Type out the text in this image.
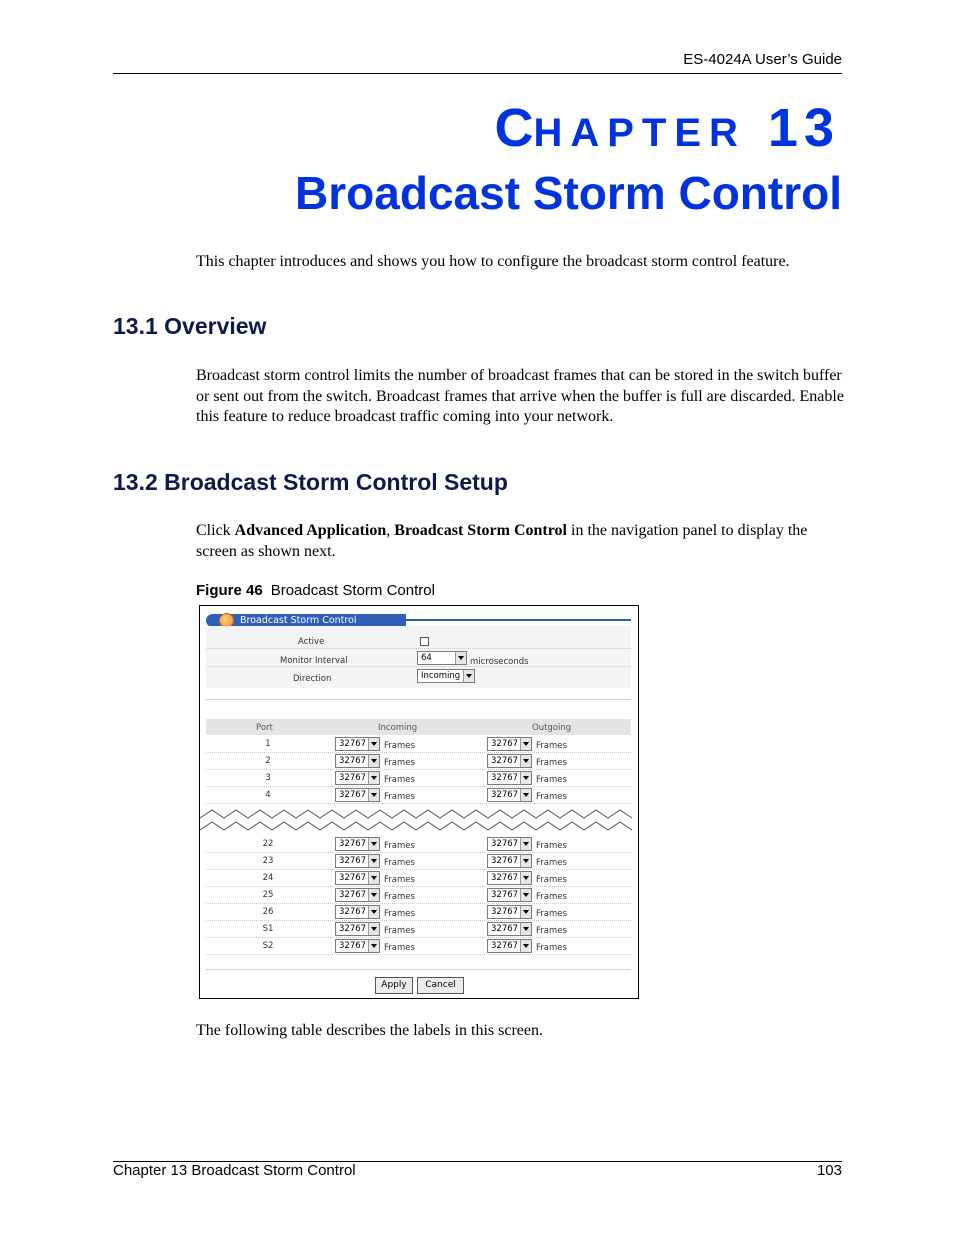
ES-4024A User’s Guide
CHAPTER 13
Broadcast Storm Control
This chapter introduces and shows you how to configure the broadcast storm control feature.
13.1 Overview
Broadcast storm control limits the number of broadcast frames that can be stored in the switch buffer or sent out from the switch. Broadcast frames that arrive when the buffer is full are discarded. Enable this feature to reduce broadcast traffic coming into your network.
13.2 Broadcast Storm Control Setup
Click Advanced Application, Broadcast Storm Control in the navigation panel to display the screen as shown next.
Figure 46 Broadcast Storm Control
Broadcast Storm Control
Active
Monitor Interval	64	microseconds
Direction	Incoming
Port	Incoming	Outgoing
1	32767	Frames	32767	Frames
2	32767	Frames	32767	Frames
3	32767	Frames	32767	Frames
4	32767	Frames	32767	Frames
22	32767	Frames	32767	Frames
23	32767	Frames	32767	Frames
24	32767	Frames	32767	Frames
25	32767	Frames	32767	Frames
26	32767	Frames	32767	Frames
S1	32767	Frames	32767	Frames
S2	32767	Frames	32767	Frames
Apply	Cancel
The following table describes the labels in this screen.
Chapter 13 Broadcast Storm Control	103
